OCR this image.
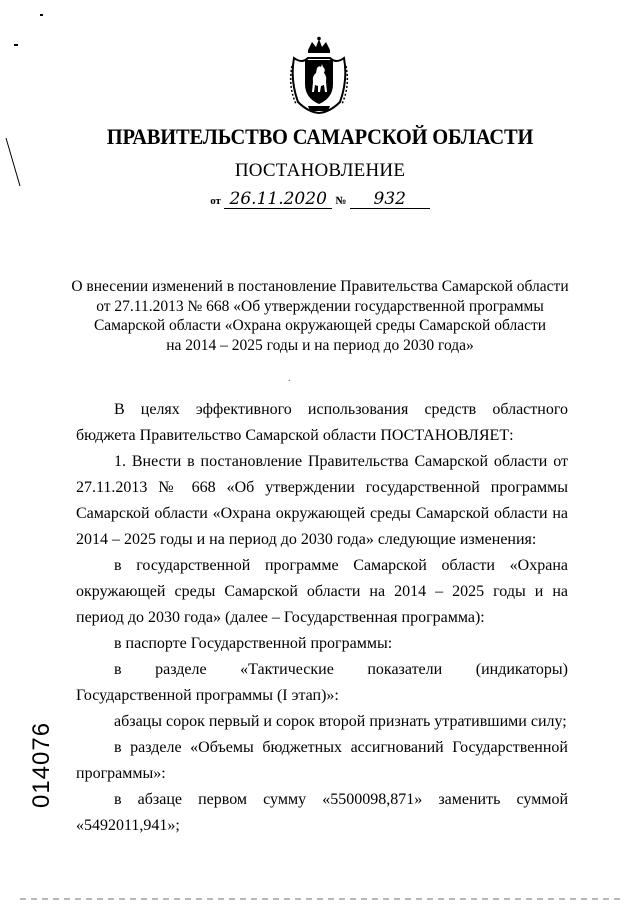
ПРАВИТЕЛЬСТВО САМАРСКОЙ ОБЛАСТИ
ПОСТАНОВЛЕНИЕ
от 26.11.2020 № 932
О внесении изменений в постановление Правительства Самарской области
от 27.11.2013 № 668 «Об утверждении государственной программы
Самарской области «Охрана окружающей среды Самарской области
на 2014 – 2025 годы и на период до 2030 года»
.

В целях эффективного использования средств областного бюджета Правительство Самарской области ПОСТАНОВЛЯЕТ:

1. Внести в постановление Правительства Самарской области от 27.11.2013 № 668 «Об утверждении государственной программы Самарской области «Охрана окружающей среды Самарской области на 2014 – 2025 годы и на период до 2030 года» следующие изменения:

в государственной программе Самарской области «Охрана окружающей среды Самарской области на 2014 – 2025 годы и на период до 2030 года» (далее – Государственная программа):

в паспорте Государственной программы:

в разделе «Тактические показатели (индикаторы) Государственной программы (I этап)»:

абзацы сорок первый и сорок второй признать утратившими силу;

в разделе «Объемы бюджетных ассигнований Государственной программы»:

в абзаце первом сумму «5500098,871» заменить суммой «5492011,941»;

014076
